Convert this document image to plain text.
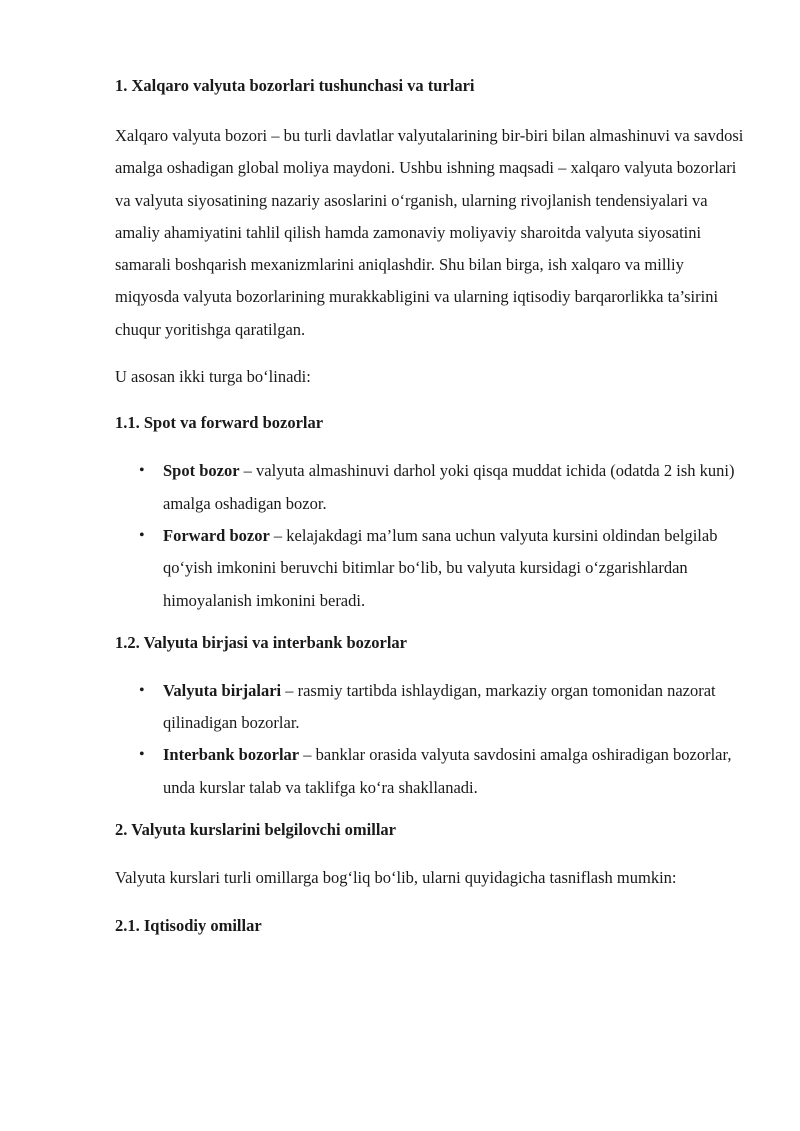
1. Xalqaro valyuta bozorlari tushunchasi va turlari

Xalqaro valyuta bozori – bu turli davlatlar valyutalarining bir-biri bilan almashinuvi va savdosi amalga oshadigan global moliya maydoni. Ushbu ishning maqsadi – xalqaro valyuta bozorlari va valyuta siyosatining nazariy asoslarini o‘rganish, ularning rivojlanish tendensiyalari va amaliy ahamiyatini tahlil qilish hamda zamonaviy moliyaviy sharoitda valyuta siyosatini samarali boshqarish mexanizmlarini aniqlashdir. Shu bilan birga, ish xalqaro va milliy miqyosda valyuta bozorlarining murakkabligini va ularning iqtisodiy barqarorlikka ta’sirini chuqur yoritishga qaratilgan.

U asosan ikki turga bo‘linadi:

1.1. Spot va forward bozorlar

• Spot bozor – valyuta almashinuvi darhol yoki qisqa muddat ichida (odatda 2 ish kuni) amalga oshadigan bozor.
• Forward bozor – kelajakdagi ma’lum sana uchun valyuta kursini oldindan belgilab qo‘yish imkonini beruvchi bitimlar bo‘lib, bu valyuta kursidagi o‘zgarishlardan himoyalanish imkonini beradi.

1.2. Valyuta birjasi va interbank bozorlar

• Valyuta birjalari – rasmiy tartibda ishlaydigan, markaziy organ tomonidan nazorat qilinadigan bozorlar.
• Interbank bozorlar – banklar orasida valyuta savdosini amalga oshiradigan bozorlar, unda kurslar talab va taklifga ko‘ra shakllanadi.

2. Valyuta kurslarini belgilovchi omillar

Valyuta kurslari turli omillarga bog‘liq bo‘lib, ularni quyidagicha tasniflash mumkin:

2.1. Iqtisodiy omillar
